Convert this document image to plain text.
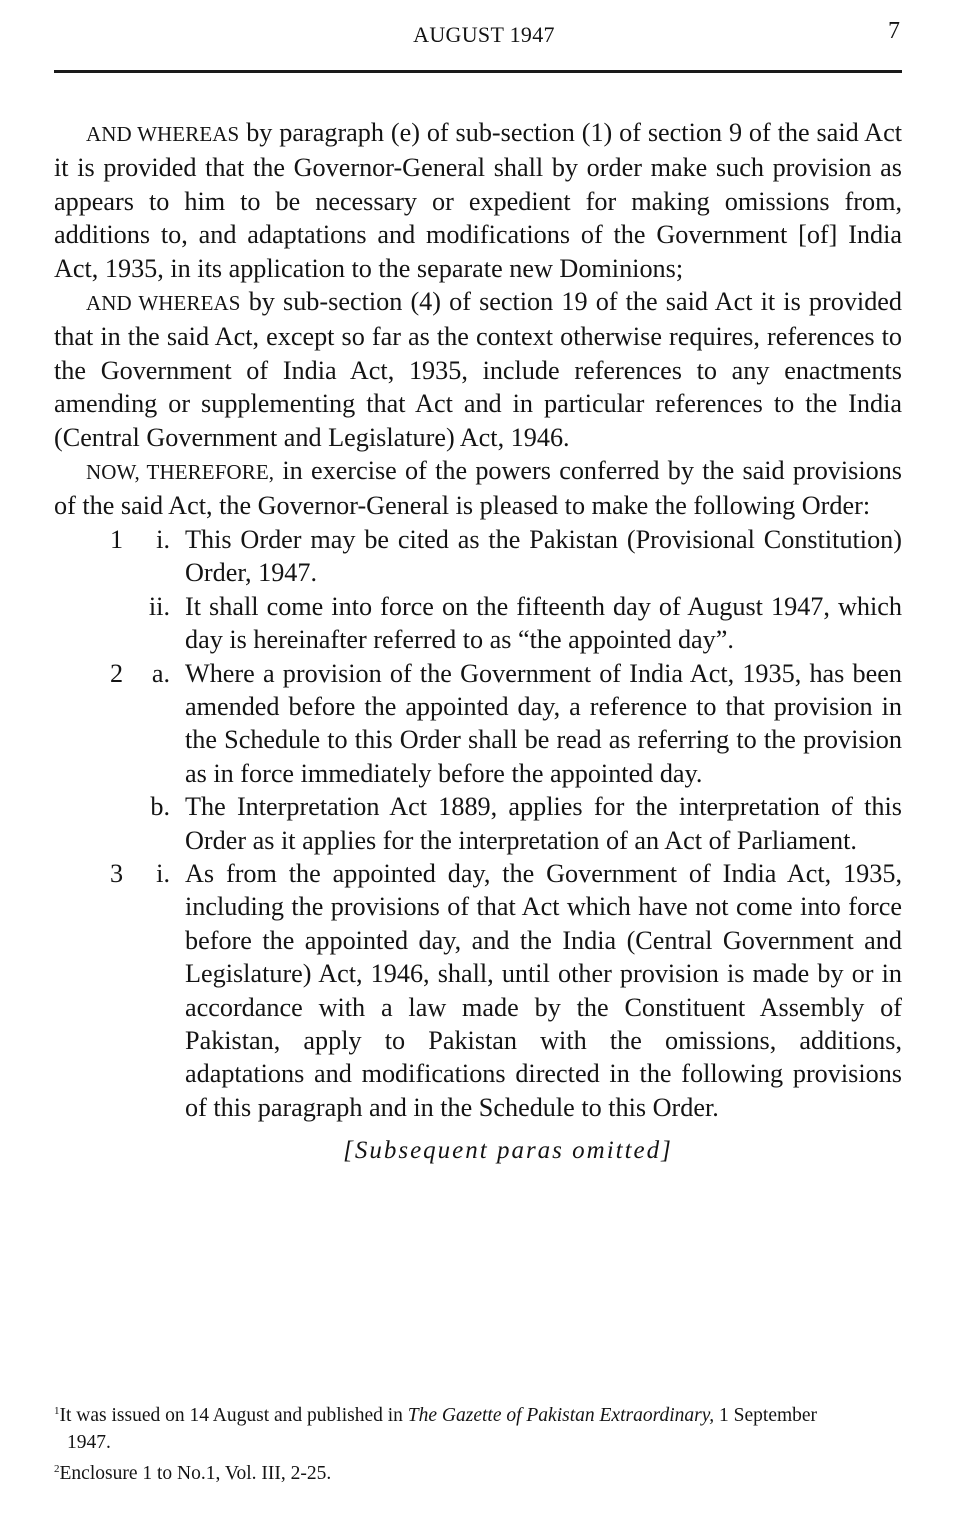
AUGUST 1947	7

AND WHEREAS by paragraph (e) of sub-section (1) of section 9 of the said Act it is provided that the Governor-General shall by order make such provision as appears to him to be necessary or expedient for making omissions from, additions to, and adaptations and modifications of the Government [of] India Act, 1935, in its application to the separate new Dominions;

AND WHEREAS by sub-section (4) of section 19 of the said Act it is provided that in the said Act, except so far as the context otherwise requires, references to the Government of India Act, 1935, include references to any enactments amending or supplementing that Act and in particular references to the India (Central Government and Legislature) Act, 1946.

NOW, THEREFORE, in exercise of the powers conferred by the said provisions of the said Act, the Governor-General is pleased to make the following Order:

1 i. This Order may be cited as the Pakistan (Provisional Constitution) Order, 1947.

ii. It shall come into force on the fifteenth day of August 1947, which day is hereinafter referred to as “the appointed day”.

2 a. Where a provision of the Government of India Act, 1935, has been amended before the appointed day, a reference to that provision in the Schedule to this Order shall be read as referring to the provision as in force immediately before the appointed day.

b. The Interpretation Act 1889, applies for the interpretation of this Order as it applies for the interpretation of an Act of Parliament.

3 i. As from the appointed day, the Government of India Act, 1935, including the provisions of that Act which have not come into force before the appointed day, and the India (Central Government and Legislature) Act, 1946, shall, until other provision is made by or in accordance with a law made by the Constituent Assembly of Pakistan, apply to Pakistan with the omissions, additions, adaptations and modifications directed in the following provisions of this paragraph and in the Schedule to this Order.

[Subsequent paras omitted]

$^1$It was issued on 14 August and published in The Gazette of Pakistan Extraordinary, 1 September
1947.

$^2$Enclosure 1 to No.1, Vol. III, 2-25.
